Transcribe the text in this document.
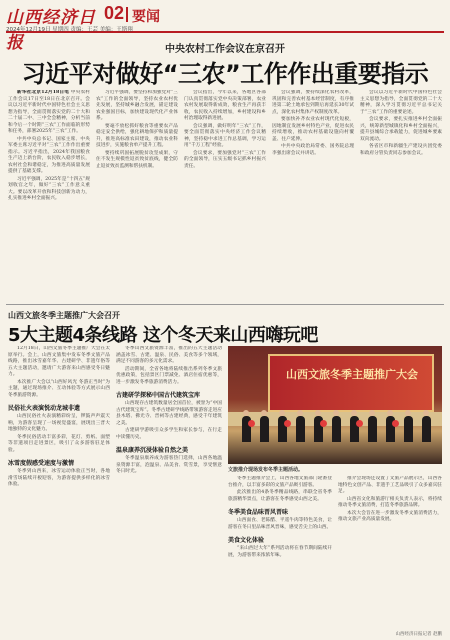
山西经济日报
02 要闻
2024年12月19日 星期四 责编：王芸 美编：王斯翔
中央农村工作会议在京召开
习近平对做好“三农”工作作出重要指示

新华社北京12月18日电 中央农村工作会议17日至18日在北京召开。会议以习近平新时代中国特色社会主义思想为指导，全面贯彻落实党的二十大和二十届二中、三中全会精神，分析当前和今后一个时期“三农”工作面临的形势和任务，部署2025年“三农”工作。

中共中央总书记、国家主席、中央军委主席习近平对“三农”工作作出重要指示。习近平指出，2024年我国粮食生产迈上新台阶，农民收入稳步增长，农村社会和谐稳定，为推进高质量发展提供了基础支撑。

习近平强调，2025年是“十四五”规划收官之年，做好“三农”工作意义重大。要以改革开放和科技创新为动力，扎实推进乡村全面振兴。

习近平强调，要坚持和加强党对“三农”工作的全面领导，坚持农业农村优先发展，坚持城乡融合发展，锚定建设农业强国目标，加快建设现代化产业体系。

要毫不放松抓好粮食等重要农产品稳定安全供给，强化耕地保护和质量提升，推进高标准农田建设，推动农业科技进步，实施粮食单产提升工程。

要持续巩固拓展脱贫攻坚成果，守住不发生规模性返贫致贫底线，健全防止返贫致贫监测和帮扶机制。

会议指出，今年以来，各地区各部门认真贯彻落实党中央决策部署，农业农村发展取得新成效，粮食生产再获丰收，农民收入持续增加，乡村建设和乡村治理取得新进展。

会议强调，做好明年“三农”工作，要全面贯彻落实中央经济工作会议精神，坚持稳中求进工作总基调，学习运用“千万工程”经验。

会议要求，要加强党对“三农”工作的全面领导，压实五级书记抓乡村振兴责任。

会议强调，要持续深化农村改革，巩固和完善农村基本经营制度，有序推进第二轮土地承包到期后再延长30年试点，深化农村集体产权制度改革。

要加快补齐农业农村现代化短板，因地制宜发展乡村特色产业，促进农民持续增收，推动农村基础设施向村覆盖、往户延伸。

中共中央政治局常委、国务院总理李强出席会议并讲话。

会议以习近平新时代中国特色社会主义思想为指导，全面贯彻党的二十大精神，深入学习贯彻习近平总书记关于“三农”工作的重要论述。

会议要求，要扎实推进乡村全面振兴，统筹新型城镇化和乡村全面振兴，提升县城综合承载能力，促进城乡要素双向流动。

各省区市和新疆生产建设兵团党委和政府分管负责同志参加会议。

山西文旅冬季主题推广大会召开
5大主题4条线路 这个冬天来山西嗨玩吧

12月18日，山西文旅冬季主题推广大会在太原举行。会上，山西文旅集中发布冬季文旅产品线路，推出冰雪嘉年华、古建研学、非遗年俗等五大主题活动，邀请广大游客来山西感受冬日魅力。

本次推广大会以“山西好风光 冬游正当时”为主题，通过现场推介、互动体验等方式展示山西冬季旅游资源。

民俗社火表演悦动龙城非遗

山西民俗社火表演精彩纷呈，锣鼓声声震天响，为游客呈现了一场视觉盛宴，展现出三晋大地独特的文化魅力。

冬季民俗活动丰富多彩，花灯、剪纸、面塑等非遗项目走进景区，吸引了众多游客驻足体验。

冰雪度假感受速度与激情

冬季到山西来，冰雪运动体验正当时，各地滑雪场陆续开板迎客，为游客提供多样化的冰雪体验。

冬季山西文旅资源丰富，推出的五大主题活动涵盖冰雪、古建、温泉、民俗、美食等多个领域，满足不同游客的多元化需求。

活动期间，全省各地将陆续推出系列冬季文旅优惠政策，包括景区门票减免、酒店住宿优惠等，进一步激发冬季旅游消费活力。

古建研学探秘中国古代建筑宝库

山西现存古建筑数量居全国首位，被誉为“中国古代建筑宝库”。冬季古建研学线路带领游客走进应县木塔、佛光寺、晋祠等古建经典，感受千年建筑之美。

古建研学游吸引众多学生和家长参与，在行走中读懂历史。

温泉康养沉浸体验自然之美

冬季温泉康养成为游客热门选择，山西各地温泉资源丰富，泡温泉、品美食、赏雪景，享受惬意冬日时光。

山西文旅冬季主题推广大会
文旅推介现场发布冬季主题活动。

冬季主题推介会上，山西各地文旅部门轮番登台推介，以丰富多彩的文旅产品吸引游客。

此次推出的4条冬季精品线路，串联全省冬季旅游精华景点，让游客在冬季感受山西之美。

冬季美食品味晋风晋味

山西面食、老陈醋、平遥牛肉等特色美食，让游客在冬日里品味晋风晋味，感受舌尖上的山西。

美食文化体验

“来山西过大年”系列活动将在春节期间陆续开展，为游客带来浓浓年味。

推介会现场还设置了文旅产品展示区，山西各地特色文创产品、非遗手工艺品吸引了众多嘉宾驻足。

山西省文化和旅游厅相关负责人表示，将持续推动冬季文旅消费，打造冬季旅游品牌。

本次大会旨在进一步激发冬季文旅消费活力，推动文旅产业高质量发展。

山西经济日报记者 赵鹏
